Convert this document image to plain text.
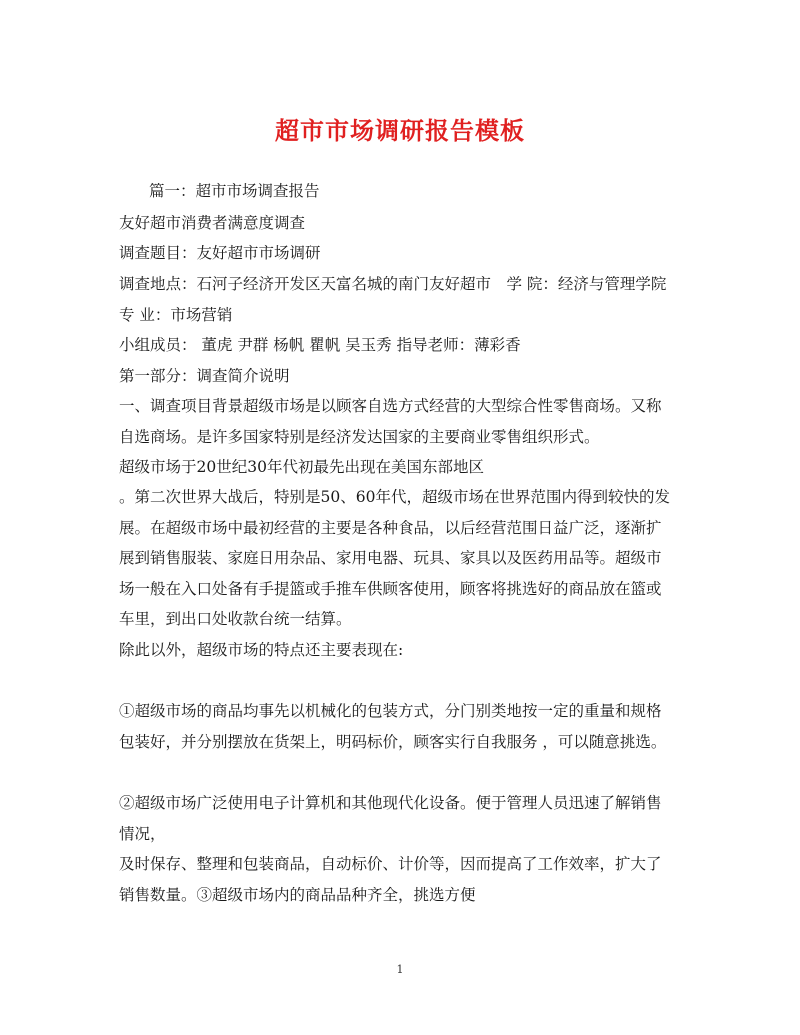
超市市场调研报告模板

篇一：超市市场调查报告

友好超市消费者满意度调查

调查题目：友好超市市场调研

调查地点：石河子经济开发区天富名城的南门友好超市　学 院：经济与管理学院

专 业：市场营销

小组成员： 董虎 尹群 杨帆 瞿帆 吴玉秀 指导老师：薄彩香

第一部分：调查简介说明

一、调查项目背景超级市场是以顾客自选方式经营的大型综合性零售商场。又称

自选商场。是许多国家特别是经济发达国家的主要商业零售组织形式。

超级市场于20世纪30年代初最先出现在美国东部地区

。第二次世界大战后，特别是50、60年代，超级市场在世界范围内得到较快的发

展。在超级市场中最初经营的主要是各种食品，以后经营范围日益广泛，逐渐扩

展到销售服装、家庭日用杂品、家用电器、玩具、家具以及医药用品等。超级市

场一般在入口处备有手提篮或手推车供顾客使用，顾客将挑选好的商品放在篮或

车里，到出口处收款台统一结算。

除此以外，超级市场的特点还主要表现在:

①超级市场的商品均事先以机械化的包装方式，分门别类地按一定的重量和规格

包装好，并分别摆放在货架上，明码标价，顾客实行自我服务 ，可以随意挑选。

②超级市场广泛使用电子计算机和其他现代化设备。便于管理人员迅速了解销售

情况，

及时保存、整理和包装商品，自动标价、计价等，因而提高了工作效率，扩大了

销售数量。③超级市场内的商品品种齐全，挑选方便

1
